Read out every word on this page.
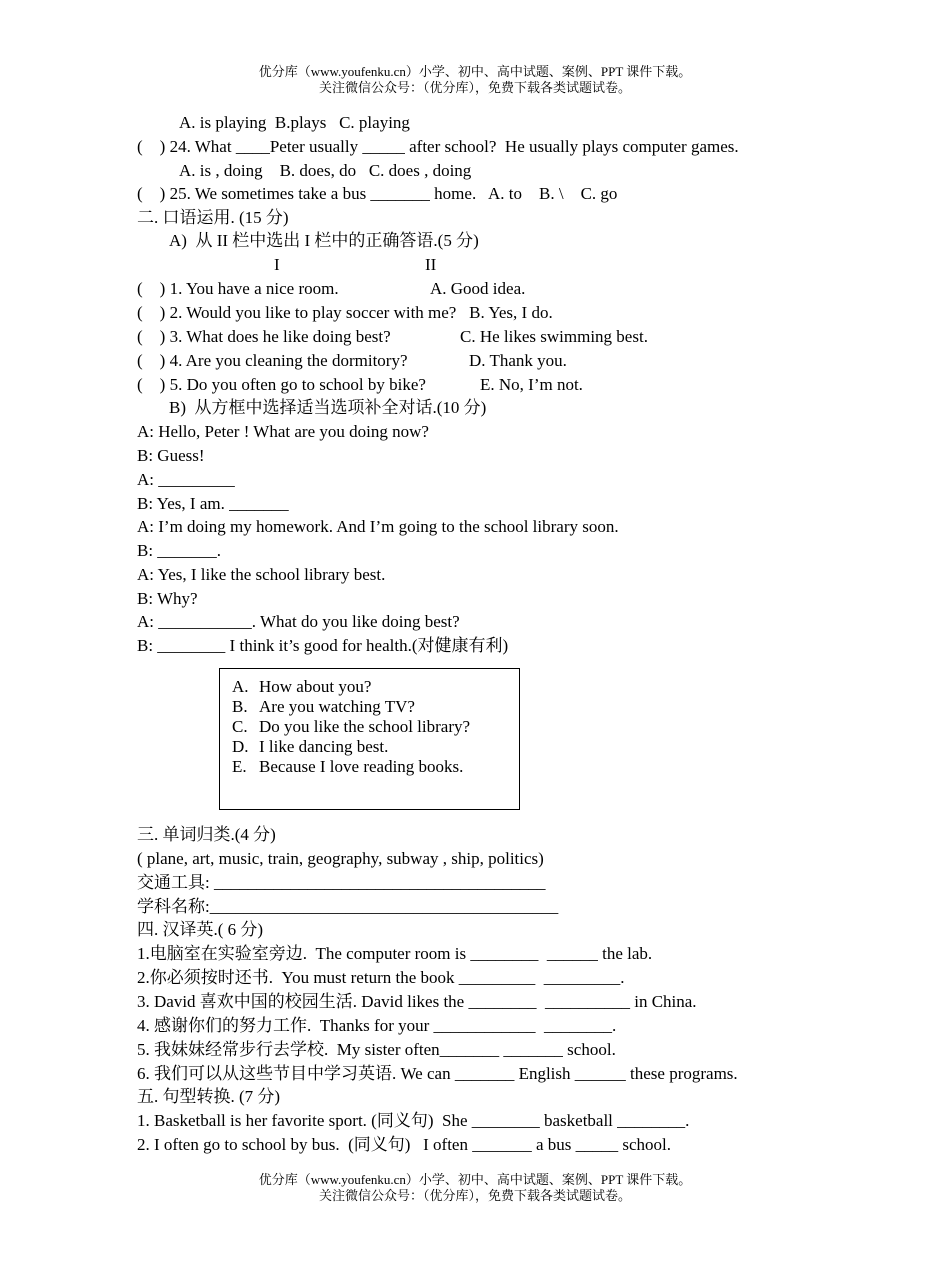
优分库（www.youfenku.cn）小学、初中、高中试题、案例、PPT 课件下载。
关注微信公众号：（优分库），免费下载各类试题试卷。
A. is playing  B.plays   C. playing
(    ) 24. What ____Peter usually _____ after school?  He usually plays computer games.
A. is , doing    B. does, do   C. does , doing
(    ) 25. We sometimes take a bus _______ home.   A. to    B. \    C. go
二. 口语运用. (15 分)
A)  从 II 栏中选出 I 栏中的正确答语.(5 分)
I	II
(    ) 1. You have a nice room.	A. Good idea.
(    ) 2. Would you like to play soccer with me?   B. Yes, I do.
(    ) 3. What does he like doing best?	C. He likes swimming best.
(    ) 4. Are you cleaning the dormitory?	D. Thank you.
(    ) 5. Do you often go to school by bike?	E. No, I’m not.
B)  从方框中选择适当选项补全对话.(10 分)
A: Hello, Peter ! What are you doing now?
B: Guess!
A: _________
B: Yes, I am. _______
A: I’m doing my homework. And I’m going to the school library soon.
B: _______.
A: Yes, I like the school library best.
B: Why?
A: ___________. What do you like doing best?
B: ________ I think it’s good for health.(对健康有利)
A. How about you?
B. Are you watching TV?
C. Do you like the school library?
D. I like dancing best.
E. Because I love reading books.
三. 单词归类.(4 分)
( plane, art, music, train, geography, subway , ship, politics)
交通工具: _______________________________________
学科名称:_________________________________________
四. 汉译英.( 6 分)
1.电脑室在实验室旁边.  The computer room is ________  ______ the lab.
2.你必须按时还书.  You must return the book _________  _________.
3. David 喜欢中国的校园生活. David likes the ________  __________ in China.
4. 感谢你们的努力工作.  Thanks for your ____________  ________.
5. 我妹妹经常步行去学校.  My sister often_______ _______ school.
6. 我们可以从这些节目中学习英语. We can _______ English ______ these programs.
五. 句型转换. (7 分)
1. Basketball is her favorite sport. (同义句)  She ________ basketball ________.
2. I often go to school by bus.  (同义句)   I often _______ a bus _____ school.
优分库（www.youfenku.cn）小学、初中、高中试题、案例、PPT 课件下载。
关注微信公众号：（优分库），免费下载各类试题试卷。
